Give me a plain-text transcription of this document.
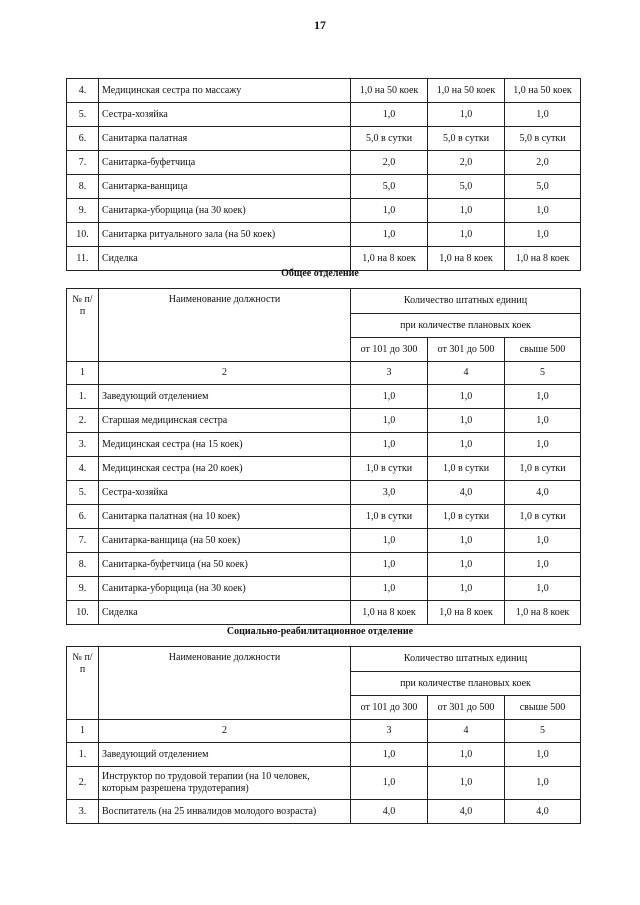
17
4.	Медицинская сестра по массажу	1,0 на 50 коек	1,0 на 50 коек	1,0 на 50 коек
5.	Сестра-хозяйка	1,0	1,0	1,0
6.	Санитарка палатная	5,0 в сутки	5,0 в сутки	5,0 в сутки
7.	Санитарка-буфетчица	2,0	2,0	2,0
8.	Санитарка-ванщица	5,0	5,0	5,0
9.	Санитарка-уборщица (на 30 коек)	1,0	1,0	1,0
10.	Санитарка ритуального зала (на 50 коек)	1,0	1,0	1,0
11.	Сиделка	1,0 на 8 коек	1,0 на 8 коек	1,0 на 8 коек
Общее отделение
№ п/п	Наименование должности	Количество штатных единиц		
		при количестве плановых коек		
		от 101 до 300	от 301 до 500	свыше 500
1	2	3	4	5
1.	Заведующий отделением	1,0	1,0	1,0
2.	Старшая медицинская сестра	1,0	1,0	1,0
3.	Медицинская сестра (на 15 коек)	1,0	1,0	1,0
4.	Медицинская сестра (на 20 коек)	1,0 в сутки	1,0 в сутки	1,0 в сутки
5.	Сестра-хозяйка	3,0	4,0	4,0
6.	Санитарка палатная (на 10 коек)	1,0 в сутки	1,0 в сутки	1,0 в сутки
7.	Санитарка-ванщица (на 50 коек)	1,0	1,0	1,0
8.	Санитарка-буфетчица (на 50 коек)	1,0	1,0	1,0
9.	Санитарка-уборщица (на 30 коек)	1,0	1,0	1,0
10.	Сиделка	1,0 на 8 коек	1,0 на 8 коек	1,0 на 8 коек
Социально-реабилитационное отделение
№ п/п	Наименование должности	Количество штатных единиц		
		при количестве плановых коек		
		от 101 до 300	от 301 до 500	свыше 500
1	2	3	4	5
1.	Заведующий отделением	1,0	1,0	1,0
2.	Инструктор по трудовой терапии (на 10 человек, которым разрешена трудотерапия)	1,0	1,0	1,0
3.	Воспитатель (на 25 инвалидов молодого возраста)	4,0	4,0	4,0
